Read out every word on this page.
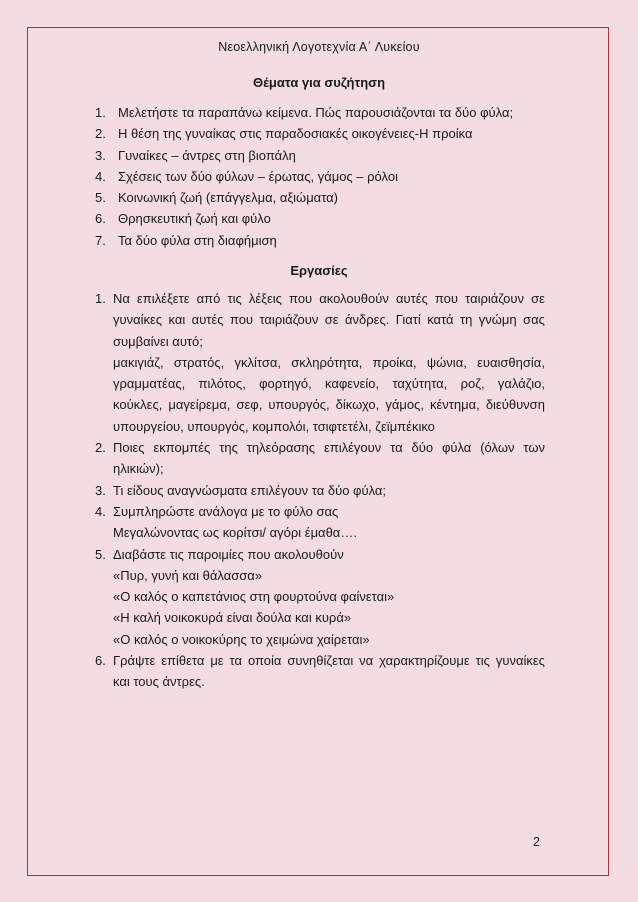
Νεοελληνική Λογοτεχνία Α΄ Λυκείου
Θέματα για συζήτηση
1. Μελετήστε τα παραπάνω κείμενα. Πώς παρουσιάζονται τα δύο φύλα;
2. Η θέση της γυναίκας στις παραδοσιακές οικογένειες-Η προίκα
3. Γυναίκες – άντρες στη βιοπάλη
4. Σχέσεις των δύο φύλων – έρωτας, γάμος – ρόλοι
5. Κοινωνική ζωή (επάγγελμα, αξιώματα)
6. Θρησκευτική ζωή και φύλο
7. Τα δύο φύλα στη διαφήμιση
Εργασίες
1. Να επιλέξετε από τις λέξεις που ακολουθούν αυτές που ταιριάζουν σε
γυναίκες και αυτές που ταιριάζουν σε άνδρες. Γιατί κατά τη γνώμη σας
συμβαίνει αυτό;
μακιγιάζ, στρατός, γκλίτσα, σκληρότητα, προίκα, ψώνια, ευαισθησία,
γραμματέας, πιλότος, φορτηγό, καφενείο, ταχύτητα, ροζ, γαλάζιο,
κούκλες, μαγείρεμα, σεφ, υπουργός, δίκωχο, γάμος, κέντημα, διεύθυνση
υπουργείου, υπουργός, κομπολόι, τσιφτετέλι, ζεϊμπέκικο
2. Ποιες εκπομπές της τηλεόρασης επιλέγουν τα δύο φύλα (όλων των
ηλικιών);
3. Τι είδους αναγνώσματα επιλέγουν τα δύο φύλα;
4. Συμπληρώστε ανάλογα με το φύλο σας
Μεγαλώνοντας ως κορίτσι/ αγόρι έμαθα….
5. Διαβάστε τις παροιμίες που ακολουθούν
«Πυρ, γυνή και θάλασσα»
«Ο καλός ο καπετάνιος στη φουρτούνα φαίνεται»
«Η καλή νοικοκυρά είναι δούλα και κυρά»
«Ο καλός ο νοικοκύρης το χειμώνα χαίρεται»
6. Γράψτε επίθετα με τα οποία συνηθίζεται να χαρακτηρίζουμε τις γυναίκες
και τους άντρες.
2
